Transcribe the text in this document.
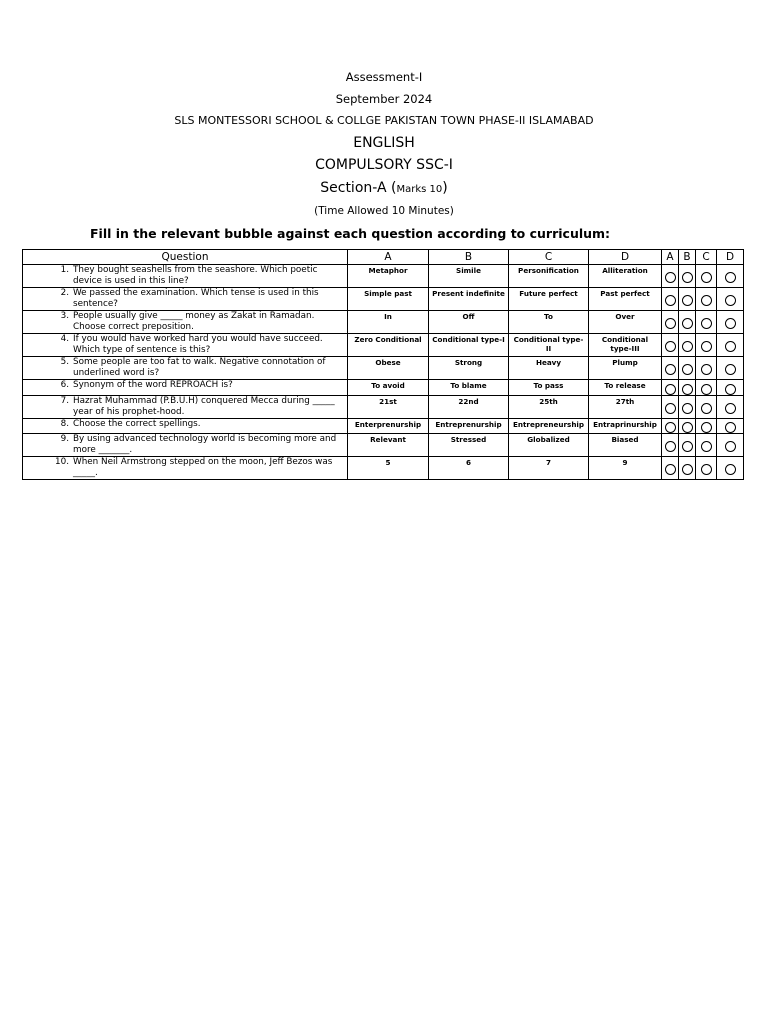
Assessment-I
September 2024
SLS MONTESSORI SCHOOL & COLLGE PAKISTAN TOWN PHASE-II ISLAMABAD
ENGLISH
COMPULSORY SSC-I
Section-A (Marks 10)
(Time Allowed 10 Minutes)
Fill in the relevant bubble against each question according to curriculum:
Question	A	B	C	D	A	B	C	D
1. They bought seashells from the seashore. Which poetic device is used in this line?	Metaphor	Simile	Personification	Alliteration				
2. We passed the examination. Which tense is used in this sentence?	Simple past	Present indefinite	Future perfect	Past perfect				
3. People usually give _____ money as Zakat in Ramadan. Choose correct preposition.	In	Off	To	Over				
4. If you would have worked hard you would have succeed. Which type of sentence is this?	Zero Conditional	Conditional type-I	Conditional type-II	Conditional type-III				
5. Some people are too fat to walk. Negative connotation of underlined word is?	Obese	Strong	Heavy	Plump				
6. Synonym of the word REPROACH is?	To avoid	To blame	To pass	To release				
7. Hazrat Muhammad (P.B.U.H) conquered Mecca during _____ year of his prophet-hood.	21st	22nd	25th	27th				
8. Choose the correct spellings.	Enterprenurship	Entreprenurship	Entrepreneurship	Entraprinurship				
9. By using advanced technology world is becoming more and more _______.	Relevant	Stressed	Globalized	Biased				
10. When Neil Armstrong stepped on the moon, Jeff Bezos was _____.	5	6	7	9				
